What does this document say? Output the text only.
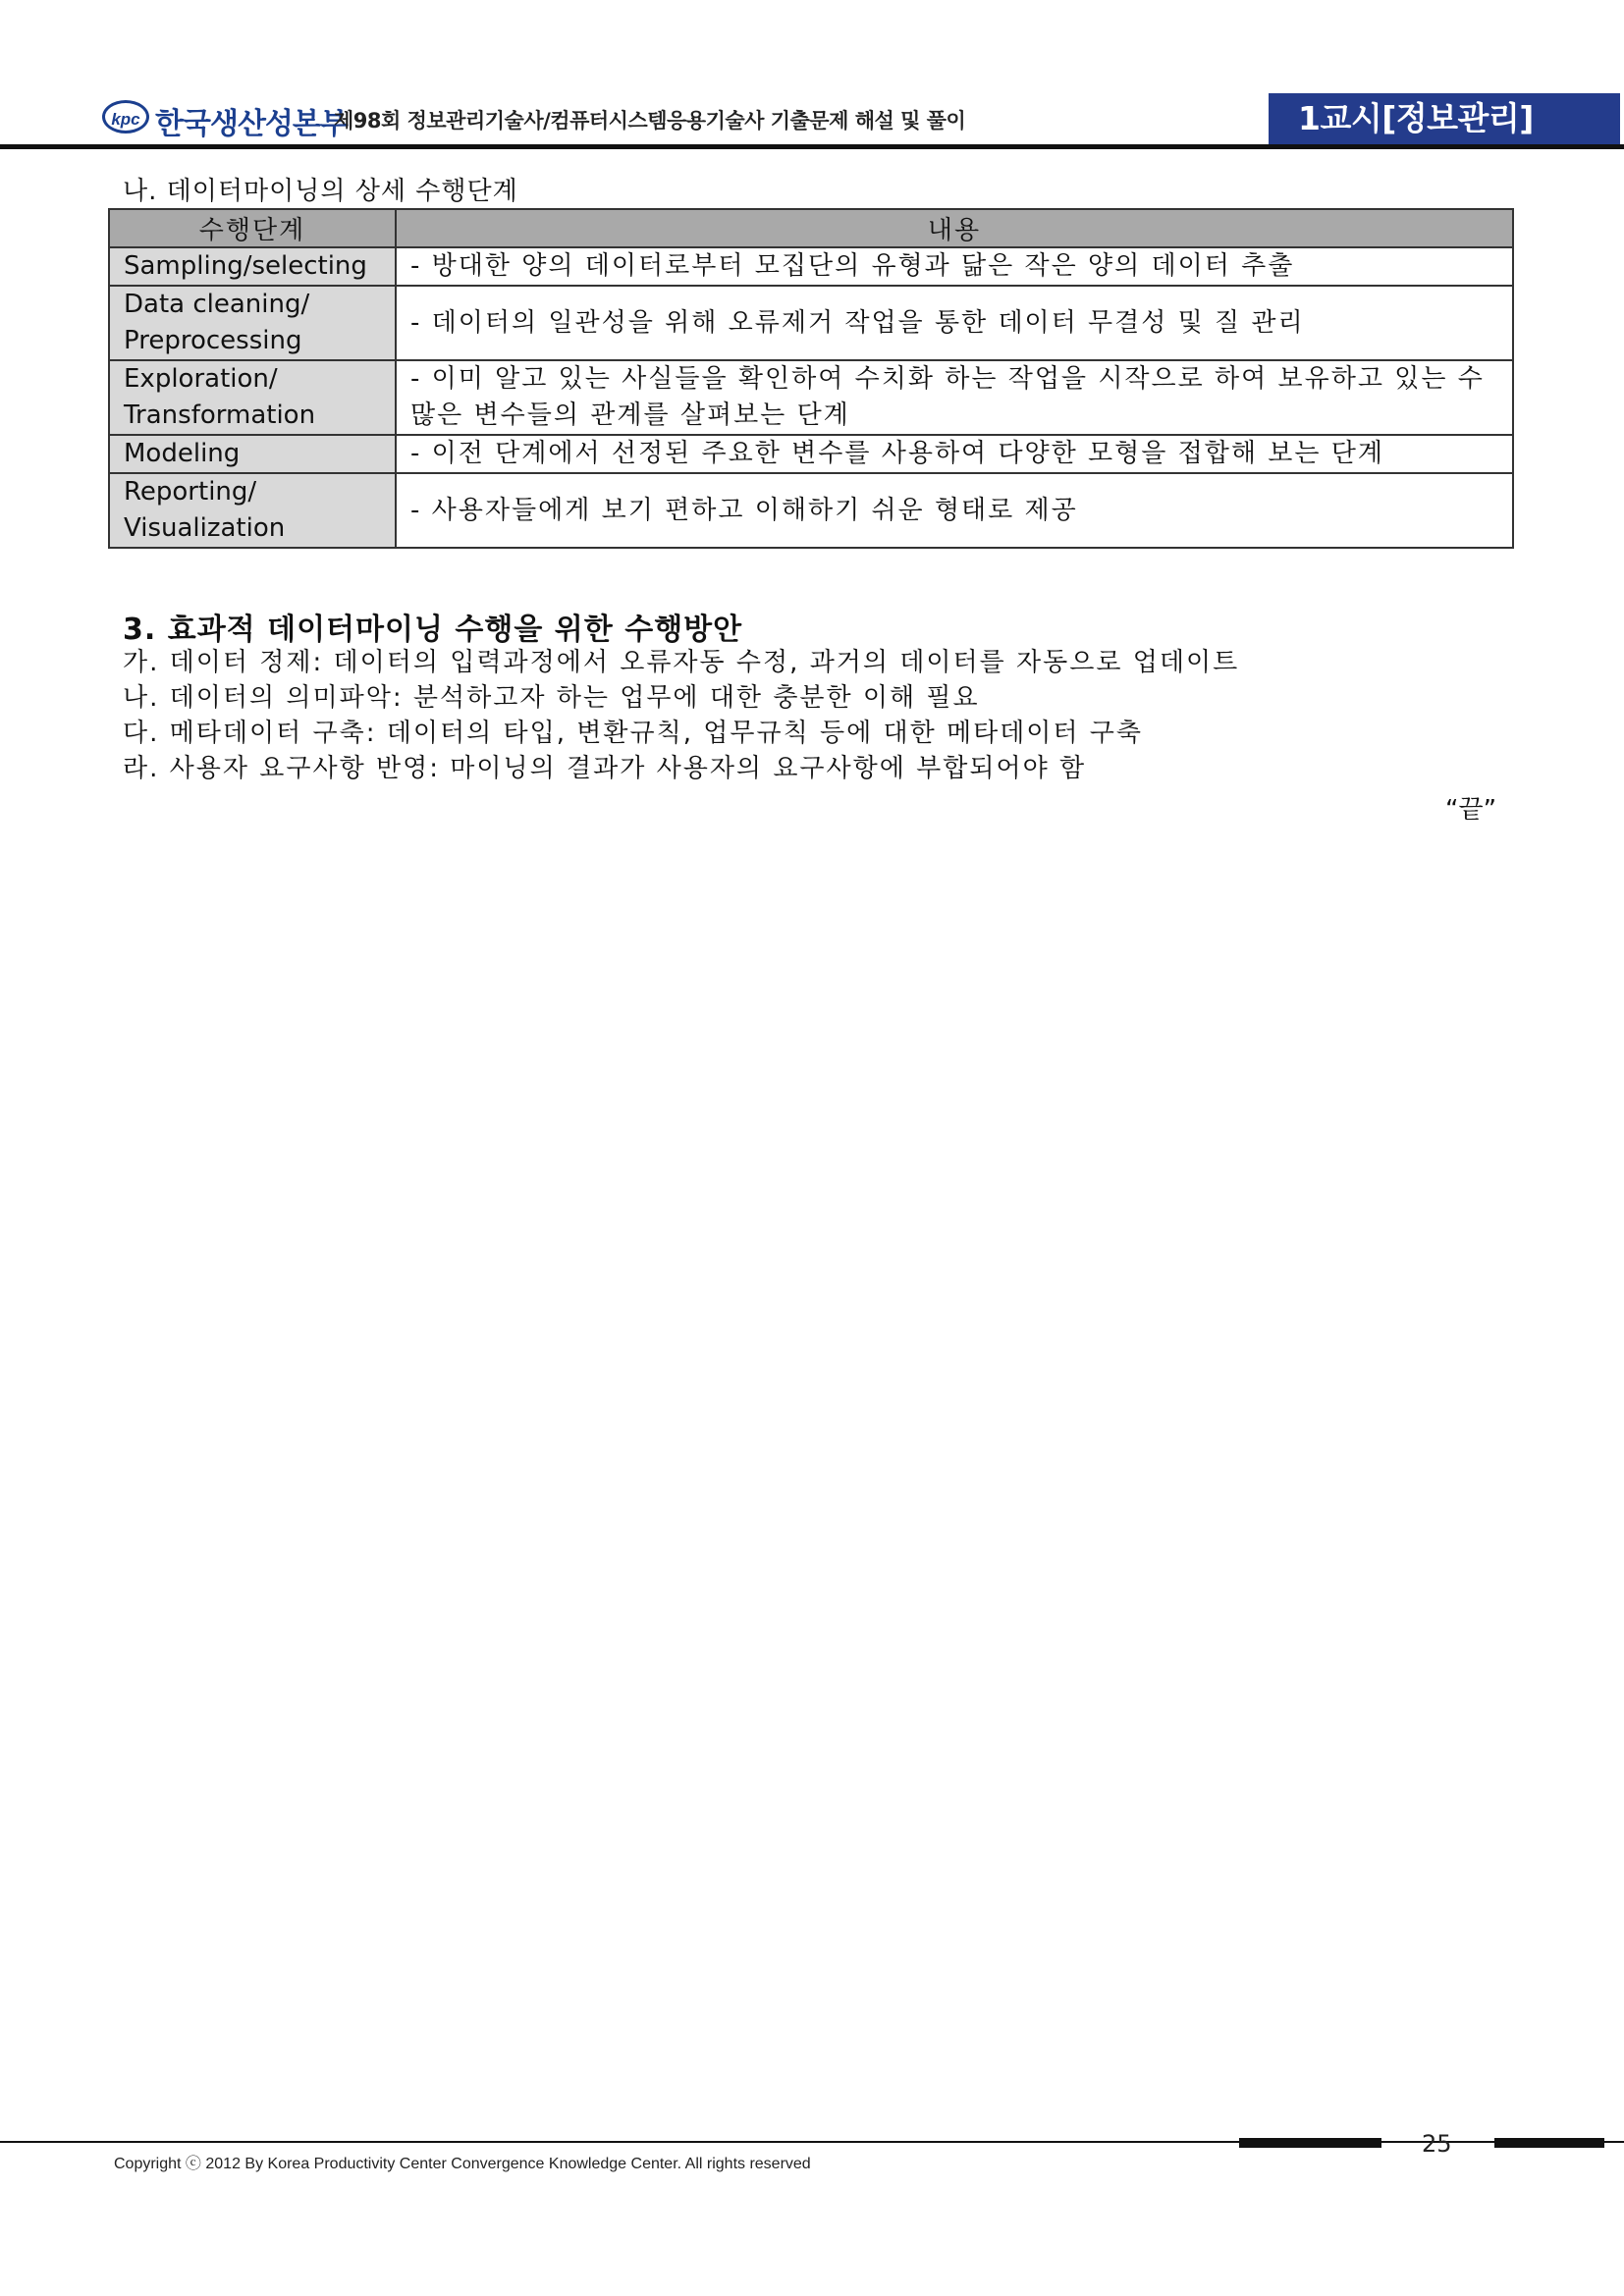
kpc 한국생산성본부
제98회 정보관리기술사/컴퓨터시스템응용기술사 기출문제 해설 및 풀이	1교시[정보관리]
나. 데이터마이닝의 상세 수행단계
수행단계	내용
Sampling/selecting	- 방대한 양의 데이터로부터 모집단의 유형과 닮은 작은 양의 데이터 추출
Data cleaning/ Preprocessing	- 데이터의 일관성을 위해 오류제거 작업을 통한 데이터 무결성 및 질 관리
Exploration/ Transformation	- 이미 알고 있는 사실들을 확인하여 수치화 하는 작업을 시작으로 하여 보유하고 있는 수많은 변수들의 관계를 살펴보는 단계
Modeling	- 이전 단계에서 선정된 주요한 변수를 사용하여 다양한 모형을 접합해 보는 단계
Reporting/ Visualization	- 사용자들에게 보기 편하고 이해하기 쉬운 형태로 제공
3. 효과적 데이터마이닝 수행을 위한 수행방안
가. 데이터 정제: 데이터의 입력과정에서 오류자동 수정, 과거의 데이터를 자동으로 업데이트
나. 데이터의 의미파악: 분석하고자 하는 업무에 대한 충분한 이해 필요
다. 메타데이터 구축: 데이터의 타입, 변환규칙, 업무규칙 등에 대한 메타데이터 구축
라. 사용자 요구사항 반영: 마이닝의 결과가 사용자의 요구사항에 부합되어야 함
“끝”
25
Copyright ⓒ 2012 By Korea Productivity Center Convergence Knowledge Center. All rights reserved
